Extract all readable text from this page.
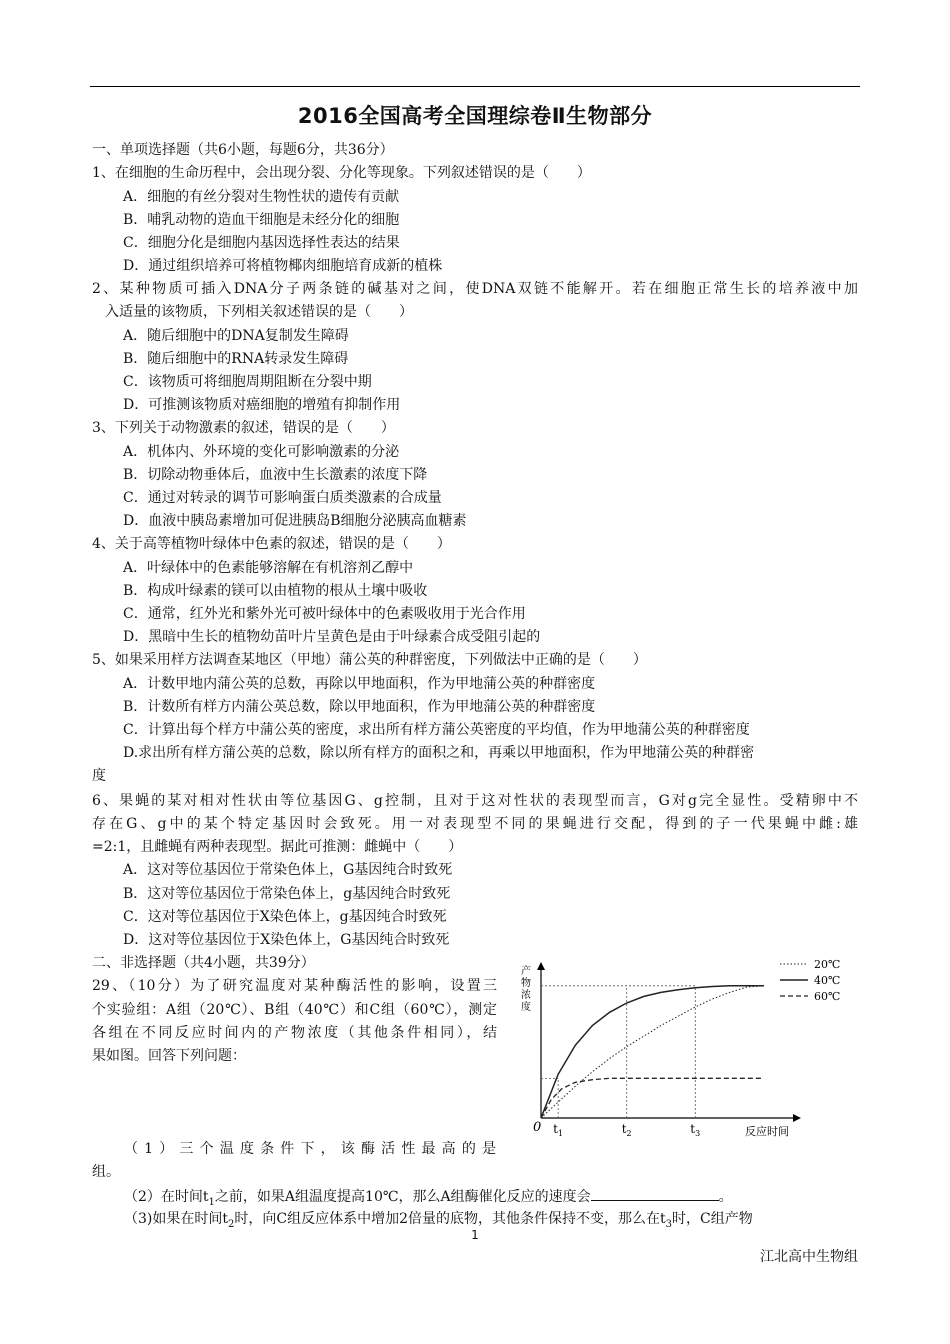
2016全国高考全国理综卷Ⅱ生物部分
一、单项选择题（共6小题，每题6分，共36分）
1、在细胞的生命历程中，会出现分裂、分化等现象。下列叙述错误的是（　　）
A．细胞的有丝分裂对生物性状的遗传有贡献
B．哺乳动物的造血干细胞是未经分化的细胞
C．细胞分化是细胞内基因选择性表达的结果
D．通过组织培养可将植物椰肉细胞培育成新的植株
2、某种物质可插入DNA分子两条链的碱基对之间，使DNA双链不能解开。若在细胞正常生长的培养液中加
入适量的该物质，下列相关叙述错误的是（　　）
A．随后细胞中的DNA复制发生障碍
B．随后细胞中的RNA转录发生障碍
C．该物质可将细胞周期阻断在分裂中期
D．可推测该物质对癌细胞的增殖有抑制作用
3、下列关于动物激素的叙述，错误的是（　　）
A．机体内、外环境的变化可影响激素的分泌
B．切除动物垂体后，血液中生长激素的浓度下降
C．通过对转录的调节可影响蛋白质类激素的合成量
D．血液中胰岛素增加可促进胰岛B细胞分泌胰高血糖素
4、关于高等植物叶绿体中色素的叙述，错误的是（　　）
A．叶绿体中的色素能够溶解在有机溶剂乙醇中
B．构成叶绿素的镁可以由植物的根从土壤中吸收
C．通常，红外光和紫外光可被叶绿体中的色素吸收用于光合作用
D．黑暗中生长的植物幼苗叶片呈黄色是由于叶绿素合成受阻引起的
5、如果采用样方法调查某地区（甲地）蒲公英的种群密度，下列做法中正确的是（　　）
A．计数甲地内蒲公英的总数，再除以甲地面积，作为甲地蒲公英的种群密度
B．计数所有样方内蒲公英总数，除以甲地面积，作为甲地蒲公英的种群密度
C．计算出每个样方中蒲公英的密度，求出所有样方蒲公英密度的平均值，作为甲地蒲公英的种群密度
D.求出所有样方蒲公英的总数，除以所有样方的面积之和，再乘以甲地面积，作为甲地蒲公英的种群密
度
6、果蝇的某对相对性状由等位基因G、g控制，且对于这对性状的表现型而言，G对g完全显性。受精卵中不
存在G、g中的某个特定基因时会致死。用一对表现型不同的果蝇进行交配，得到的子一代果蝇中雌:雄
=2:1，且雌蝇有两种表现型。据此可推测：雌蝇中（　　）
A．这对等位基因位于常染色体上，G基因纯合时致死
B．这对等位基因位于常染色体上，g基因纯合时致死
C．这对等位基因位于X染色体上，g基因纯合时致死
D．这对等位基因位于X染色体上，G基因纯合时致死
二、非选择题（共4小题，共39分）
29、（10分）为了研究温度对某种酶活性的影响，设置三
个实验组：A组（20℃）、B组（40℃）和C组（60℃），测定
各组在不同反应时间内的产物浓度（其他条件相同），结
果如图。回答下列问题：
产物浓度
0	反应时间
$t_1$	$t_2$	$t_3$
20℃
40℃
60℃
（1）三个温度条件下，该酶活性最高的是
组。
（2）在时间$t_1$之前，如果A组温度提高10℃，那么A组酶催化反应的速度会	。
（3)如果在时间$t_2$时，向C组反应体系中增加2倍量的底物，其他条件保持不变，那么在$t_3$时，C组产物
1
江北高中生物组
